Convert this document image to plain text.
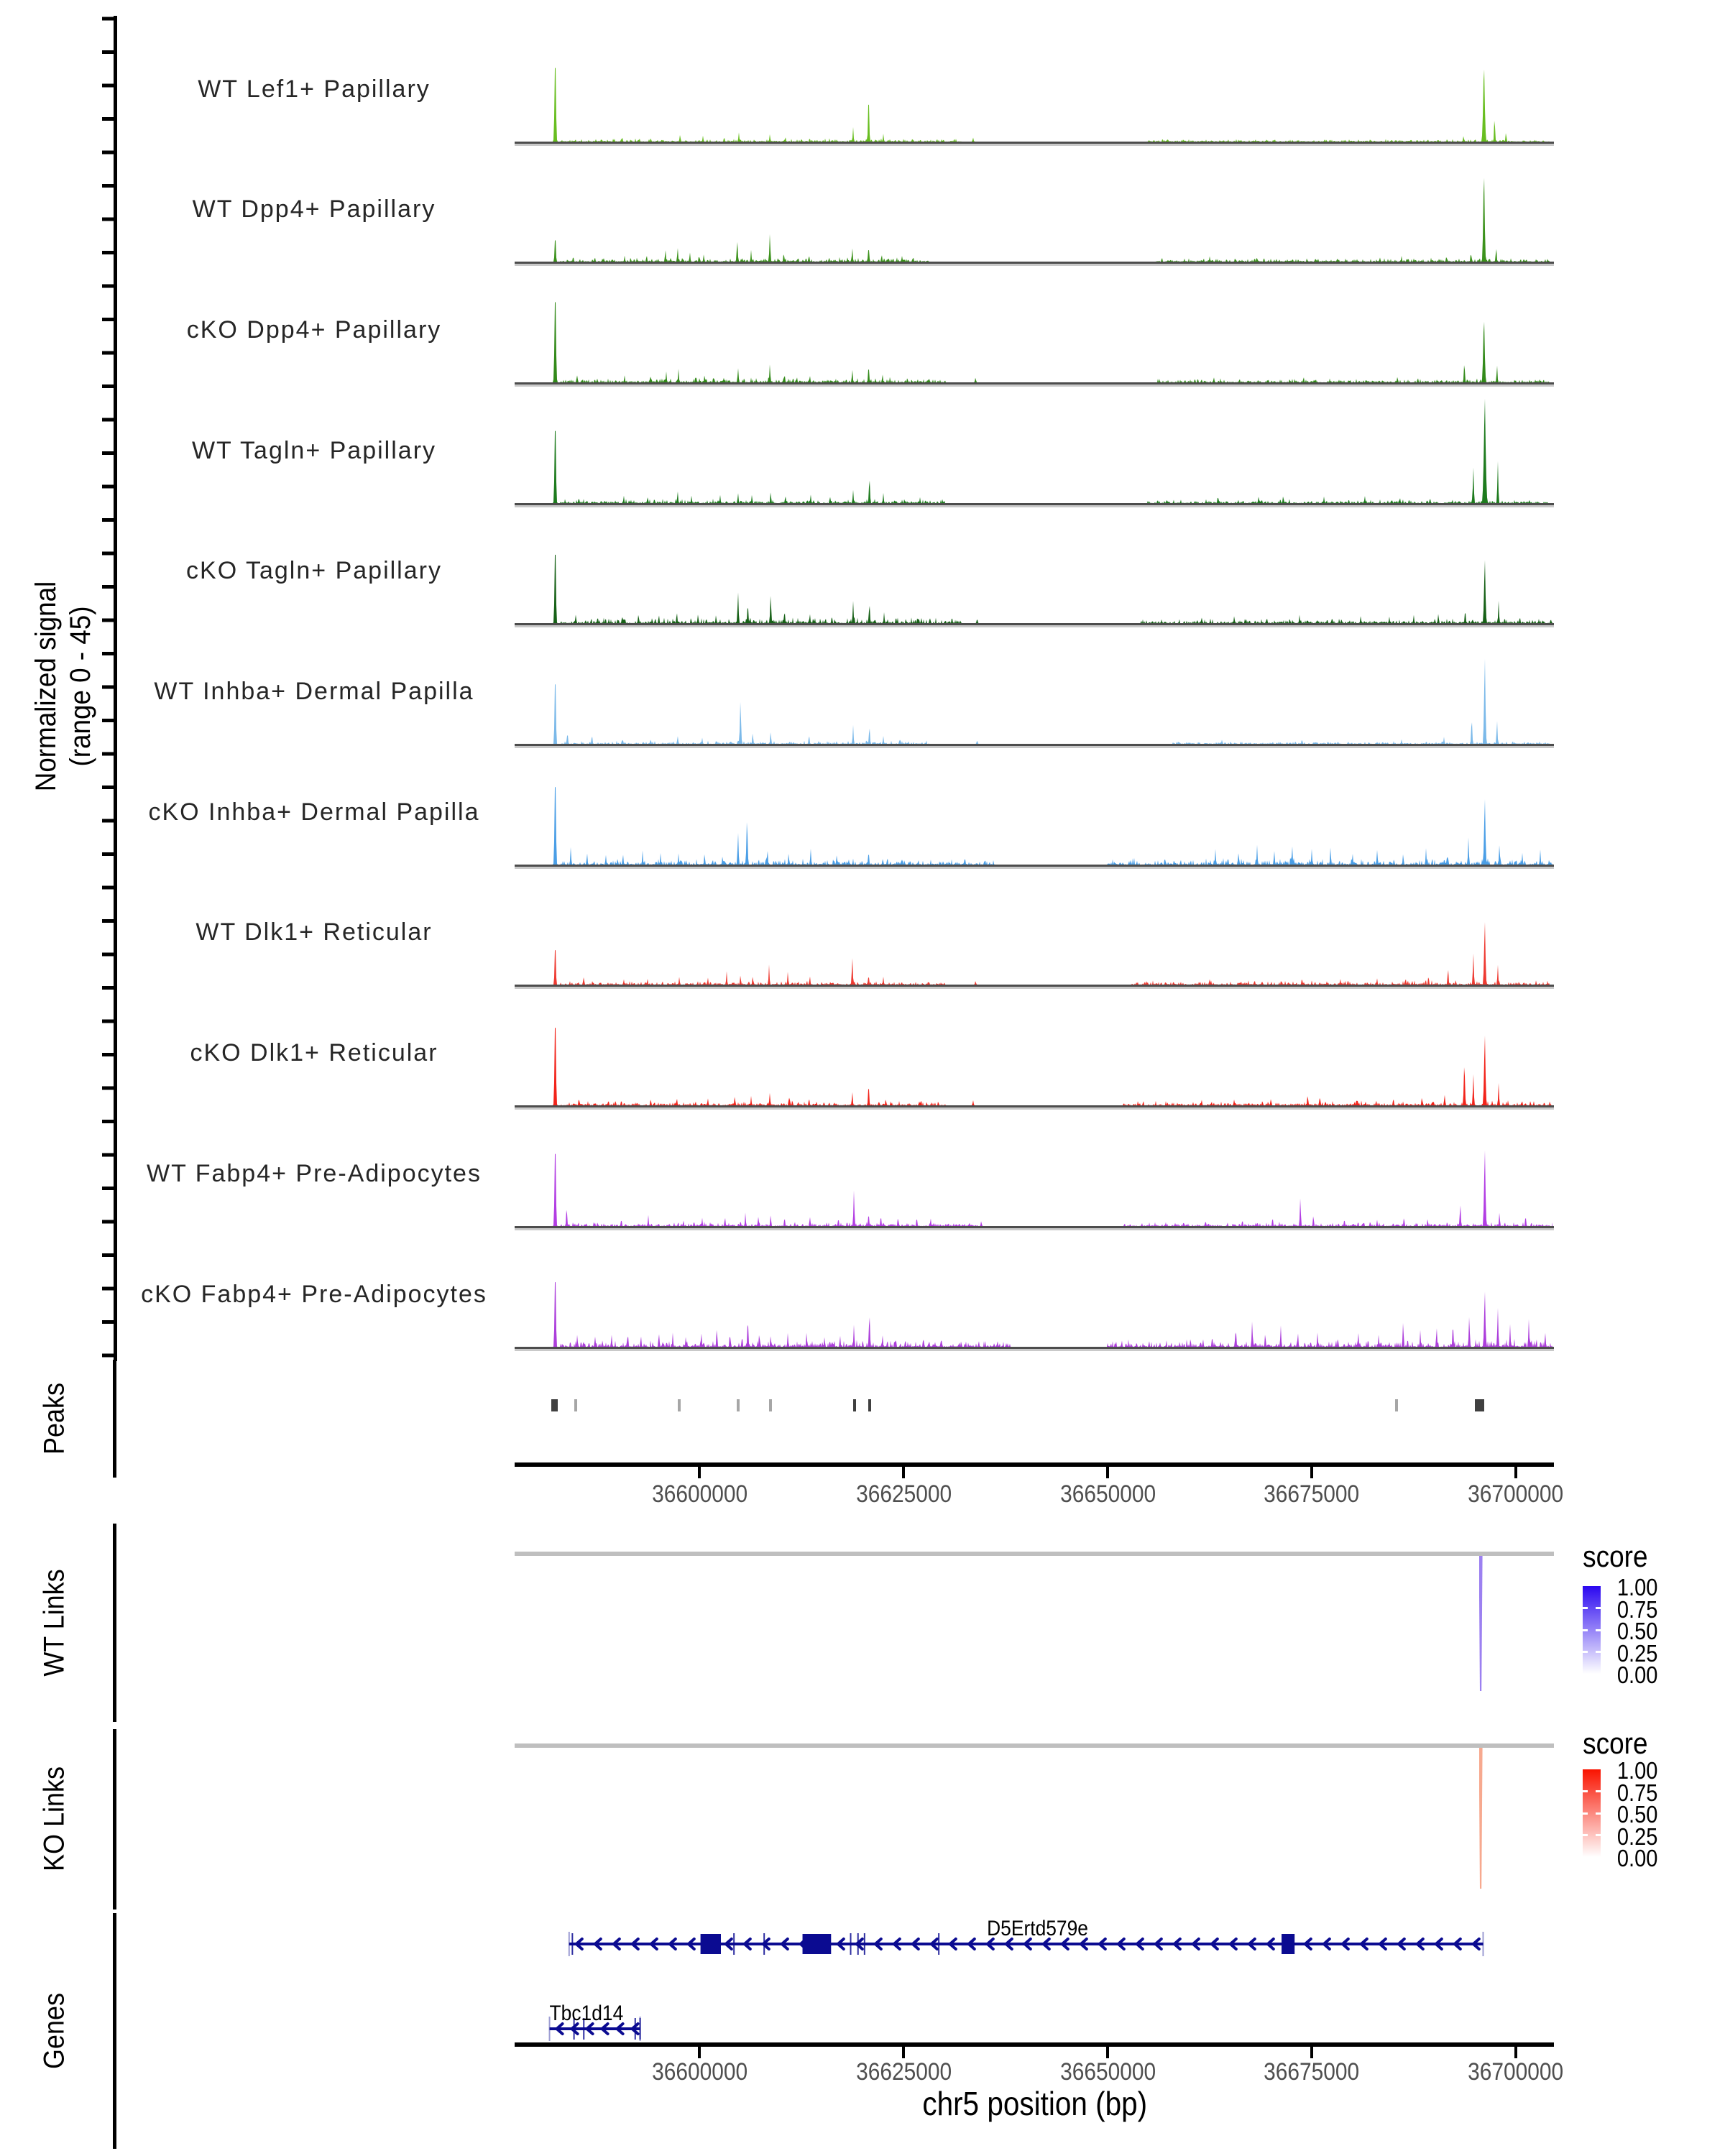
Normalized signal (range 0 - 45)
WT Lef1+ Papillary
WT Dpp4+ Papillary
cKO Dpp4+ Papillary
WT Tagln+ Papillary
cKO Tagln+ Papillary
WT Inhba+ Dermal Papilla
cKO Inhba+ Dermal Papilla
WT Dlk1+ Reticular
cKO Dlk1+ Reticular
WT Fabp4+ Pre-Adipocytes
cKO Fabp4+ Pre-Adipocytes
Peaks
36600000	36625000	36650000	36675000	36700000
WT Links
score
1.00
0.75
0.50
0.25
0.00
KO Links
score
1.00
0.75
0.50
0.25
0.00
Genes
D5Ertd579e
Tbc1d14
36600000	36625000	36650000	36675000	36700000
chr5 position (bp)
